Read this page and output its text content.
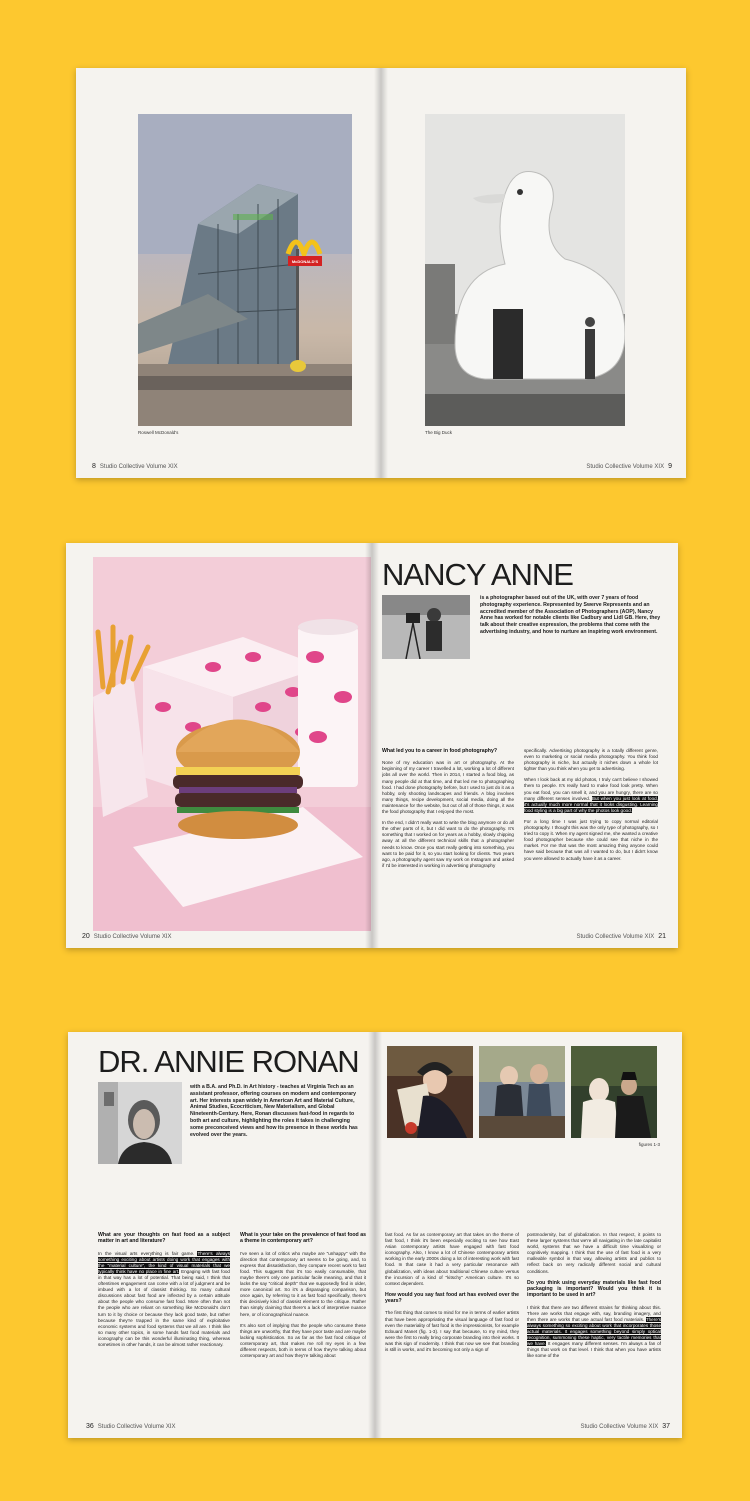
McDONALD'S
Roswell McDonald's
8 Studio Collective Volume XIX
The Big Duck
Studio Collective Volume XIX 9
20 Studio Collective Volume XIX
NANCY ANNE
is a photographer based out of the UK, with over 7 years of food photography experience. Represented by Swerve Represents and an accredited member of the Association of Photographers (AOP), Nancy Anne has worked for notable clients like Cadbury and Lidl GB. Here, they talk about their creative expression, the problems that come with the advertising industry, and how to nurture an inspiring work environment.

What led you to a career in food photography?

None of my education was in art or photography. At the beginning of my career I travelled a lot, working a lot of different jobs all over the world. Then in 2014, I started a food blog, as many people did at that time, and that led me to photographing food. I had done photography before, but I used to just do it as a hobby, only shooting landscapes and friends. A blog involves many things, recipe development, social media, doing all the maintenance for the website, but out of all of those things, it was the food photography that I enjoyed the most.

In the end, I didn't really want to write the blog anymore or do all the other parts of it, but I did want to do the photography. It's something that I worked on for years as a hobby, slowly chipping away at all the different technical skills that a photographer needs to know. Once you start really getting into something, you want to be paid for it, so you start looking for clients. Two years ago, a photography agent saw my work on Instagram and asked if I'd be interested in working in advertising photography

specifically. Advertising photography is a totally different genre, even to marketing or social media photography. You think food photography is niche, but actually it niches down a whole lot tighter than you think when you get to advertising.

When I look back at my old photos, I truly can't believe I showed them to people. It's really hard to make food look pretty. When you eat food, you can smell it, and you are hungry, there are so many different senses involved. But when you just look at food, it's actually much more normal that it looks disgusting. Learning food styling is a big part of why the photos look good.

For a long time I was just trying to copy normal editorial photography. I thought this was the only type of photography, so I tried to copy it. When my agent signed me, she wanted a creative food photographer because she could see that niche in the market. For me that was the most amazing thing anyone could have said because that was all I wanted to do, but I didn't know you were allowed to actually have it as a career.

Studio Collective Volume XIX 21
DR. ANNIE RONAN
with a B.A. and Ph.D. in Art history - teaches at Virginia Tech as an assistant professor, offering courses on modern and contemporary art. Her interests span widely in American Art and Material Culture, Animal Studies, Ecocriticism, New Materialism, and Global Nineteenth-Century. Here, Ronan discusses fast-food in regards to both art and culture, highlighting the roles it takes in challenging some preconceived views and how its presence in these worlds has evolved over the years.

What are your thoughts on fast food as a subject matter in art and literature?

In the visual arts everything is fair game. There's always something exciting about artists doing work that engages with the "material culture", the kind of visual materials that we typically think have no place in fine art. Engaging with fast food in that way has a lot of potential. That being said, I think that oftentimes engagement can come with a lot of judgment and be imbued with a lot of classist thinking. So many cultural discussions about fast food are inflected by a certain attitude about the people who consume fast food. More often than not the people who are reliant on something like McDonald's don't turn to it by choice or because they lack good taste, but rather because they're trapped in the same kind of exploitative economic systems and food systems that we all are. I think like so many other topics, in some hands fast food materials and iconography can be this wonderful illuminating thing, whereas sometimes in other hands, it can be almost rather reactionary.

What is your take on the prevalence of fast food as a theme in contemporary art?

I've seen a lot of critics who maybe are "unhappy" with the direction that contemporary art seems to be going, and, to express that dissatisfaction, they compare recent work to fast food. This suggests that it's too easily consumable, that maybe there's only one particular facile meaning, and that it lacks the say "critical depth" that we supposedly find in older, more canonical art. So it's a disparaging comparison, but once again, by referring to it as fast food specifically, there's this decisively kind of classist element to the critique. Rather than simply claiming that there's a lack of interpretive nuance here, or of iconographical nuance.

It's also sort of implying that the people who consume these things are unworthy, that they have poor taste and are maybe lacking sophistication. So as far as the fast food critique of contemporary art, that makes me roll my eyes in a few different respects, both in terms of how they're talking about contemporary art and how they're talking about

36 Studio Collective Volume XIX
figures 1-3

fast food. As far as contemporary art that takes on the theme of fast food, I think it's been especially exciting to see how East Asian contemporary artists have engaged with fast food iconography. Also, I know a lot of Chinese contemporary artists working in the early 2000s doing a lot of interesting work with fast food. In that case it had a very particular resonance with globalization, with ideas about traditional Chinese culture versus the incursion of a kind of "kitschy" American culture. It's so context dependent.

How would you say fast food art has evolved over the years?

The first thing that comes to mind for me in terms of earlier artists that have been appropriating the visual language of fast food or even the materiality of fast food is the impressionists, for example Edouard Manet (fig. 1-3). I say that because, to my mind, they were the first to really bring corporate branding into their works. It was this sign of modernity. I think that now we see that branding is still in works, and it's becoming not only a sign of

postmodernity, but of globalization. In that respect, it points to these larger systems that we're all navigating in the late capitalist world, systems that we have a difficult time visualizing or cognitively mapping. I think that the use of fast food is a very malleable symbol in that way, allowing artists and publics to reflect back on very radically different social and cultural conditions.

Do you think using everyday materials like fast food packaging is important? Would you think it is important to be used in art?

I think that there are two different strains for thinking about this. There are works that engage with, say, branding imagery, and then there are works that use actual fast food materials. There's always something so exciting about work that incorporates those actual materials. It engages something beyond simply optical recognition, summoning these haptic, very tactile memories that we have. It engages many different senses. I'm always a fan of things that work on that level. I think that when you have artists like some of the

Studio Collective Volume XIX 37
